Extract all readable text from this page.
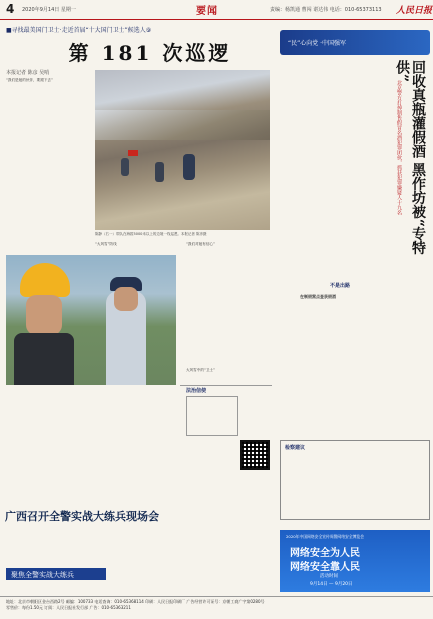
4 2020年9月14日 星期一	要闻	责编：杨凯通 曹闯 谌达伟 电话：010-65373113 人民日报
■寻找最美国门卫士·走近首届“十大国门卫士”候选人⑨
第 181 次巡逻
本报记者 陈彦 吴哨
“我们是她的伙伴，要跟下去”
陈静（右一）带队在海拔5000米以上的边境一线巡逻。本报记者 陈彦摄
“大风雪”防线	“我们对她有信心”
大风雪中的“卫士”
法治信使
广西召开全警实战大练兵现场会
聚焦全警实战大练兵
“民”心向党 ·中国强军
回收真瓶灌假酒 黑作坊被“专特供”
北京警方打掉制售假冒名酒犯罪团伙，抓获犯罪嫌疑人十九名
不是出路
在制假窝点查获假酒
检察建议
2020年中国网络安全宣传周暨网络安全博览会
网络安全为人民
网络安全靠人民
活动时间
9月14日 — 9月20日
地址：北京市朝阳区金台西路2号 邮编：100733 电话查询：010-65368114 印刷：人民日报印刷厂 广告经营许可证号：京朝工商广字第0280号
零售价：每份1.50元 订阅：人民日报社发行部 广告：010-65363211
